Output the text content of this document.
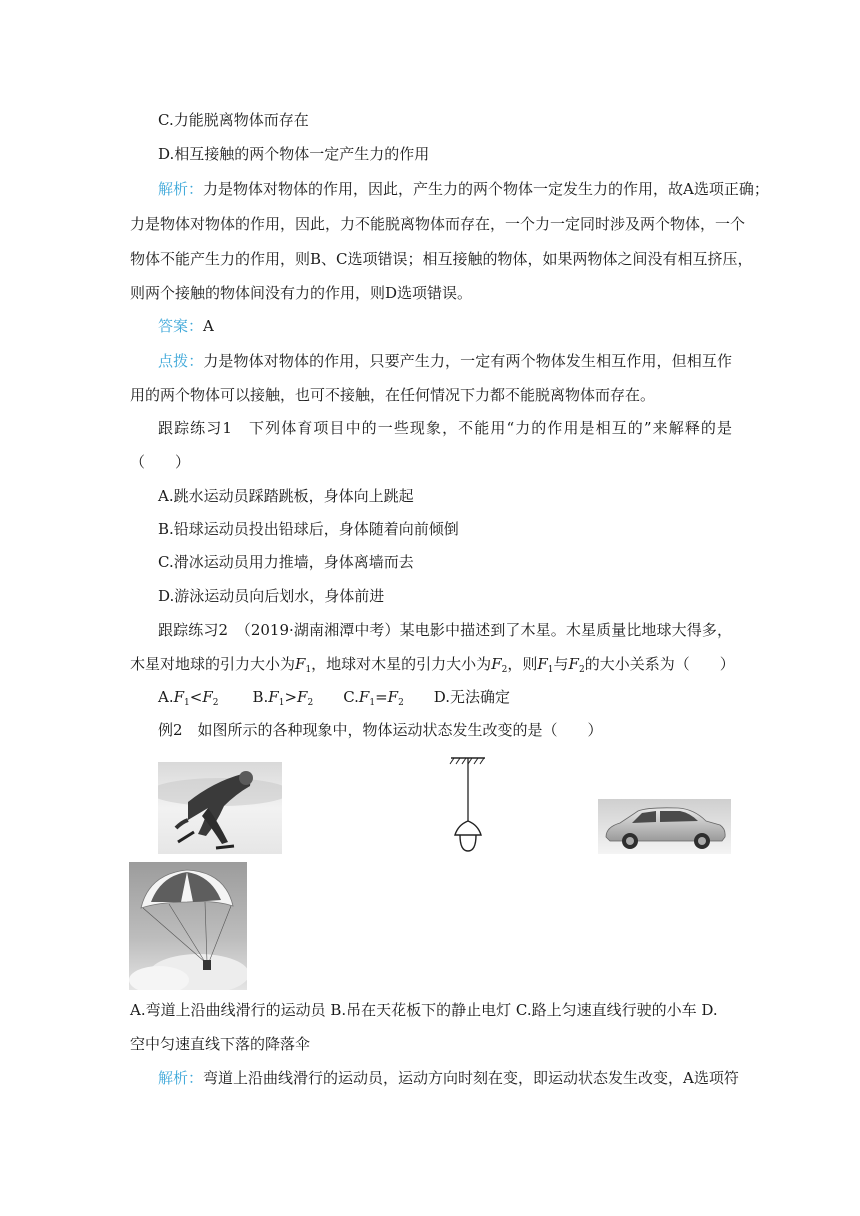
C.力能脱离物体而存在
D.相互接触的两个物体一定产生力的作用
解析：力是物体对物体的作用，因此，产生力的两个物体一定发生力的作用，故A选项正确；
力是物体对物体的作用，因此，力不能脱离物体而存在，一个力一定同时涉及两个物体，一个
物体不能产生力的作用，则B、C选项错误；相互接触的物体，如果两物体之间没有相互挤压，
则两个接触的物体间没有力的作用，则D选项错误。
答案：A
点拨：力是物体对物体的作用，只要产生力，一定有两个物体发生相互作用，但相互作
用的两个物体可以接触，也可不接触，在任何情况下力都不能脱离物体而存在。
跟踪练习1　下列体育项目中的一些现象，不能用“力的作用是相互的”来解释的是
（　　）
A.跳水运动员踩踏跳板，身体向上跳起
B.铅球运动员投出铅球后，身体随着向前倾倒
C.滑冰运动员用力推墙，身体离墙而去
D.游泳运动员向后划水，身体前进
跟踪练习2　（2019·湖南湘潭中考）某电影中描述到了木星。木星质量比地球大得多，
木星对地球的引力大小为$F_1$，地球对木星的引力大小为$F_2$，则$F_1$与$F_2$的大小关系为（　　）
$A.F_1<F_2$ $B.F_1>F_2$ $C.F_1=F_2$ D.无法确定
例2　如图所示的各种现象中，物体运动状态发生改变的是（　　）
A.弯道上沿曲线滑行的运动员 B.吊在天花板下的静止电灯 C.路上匀速直线行驶的小车 D.
空中匀速直线下落的降落伞
解析：弯道上沿曲线滑行的运动员，运动方向时刻在变，即运动状态发生改变，A选项符
